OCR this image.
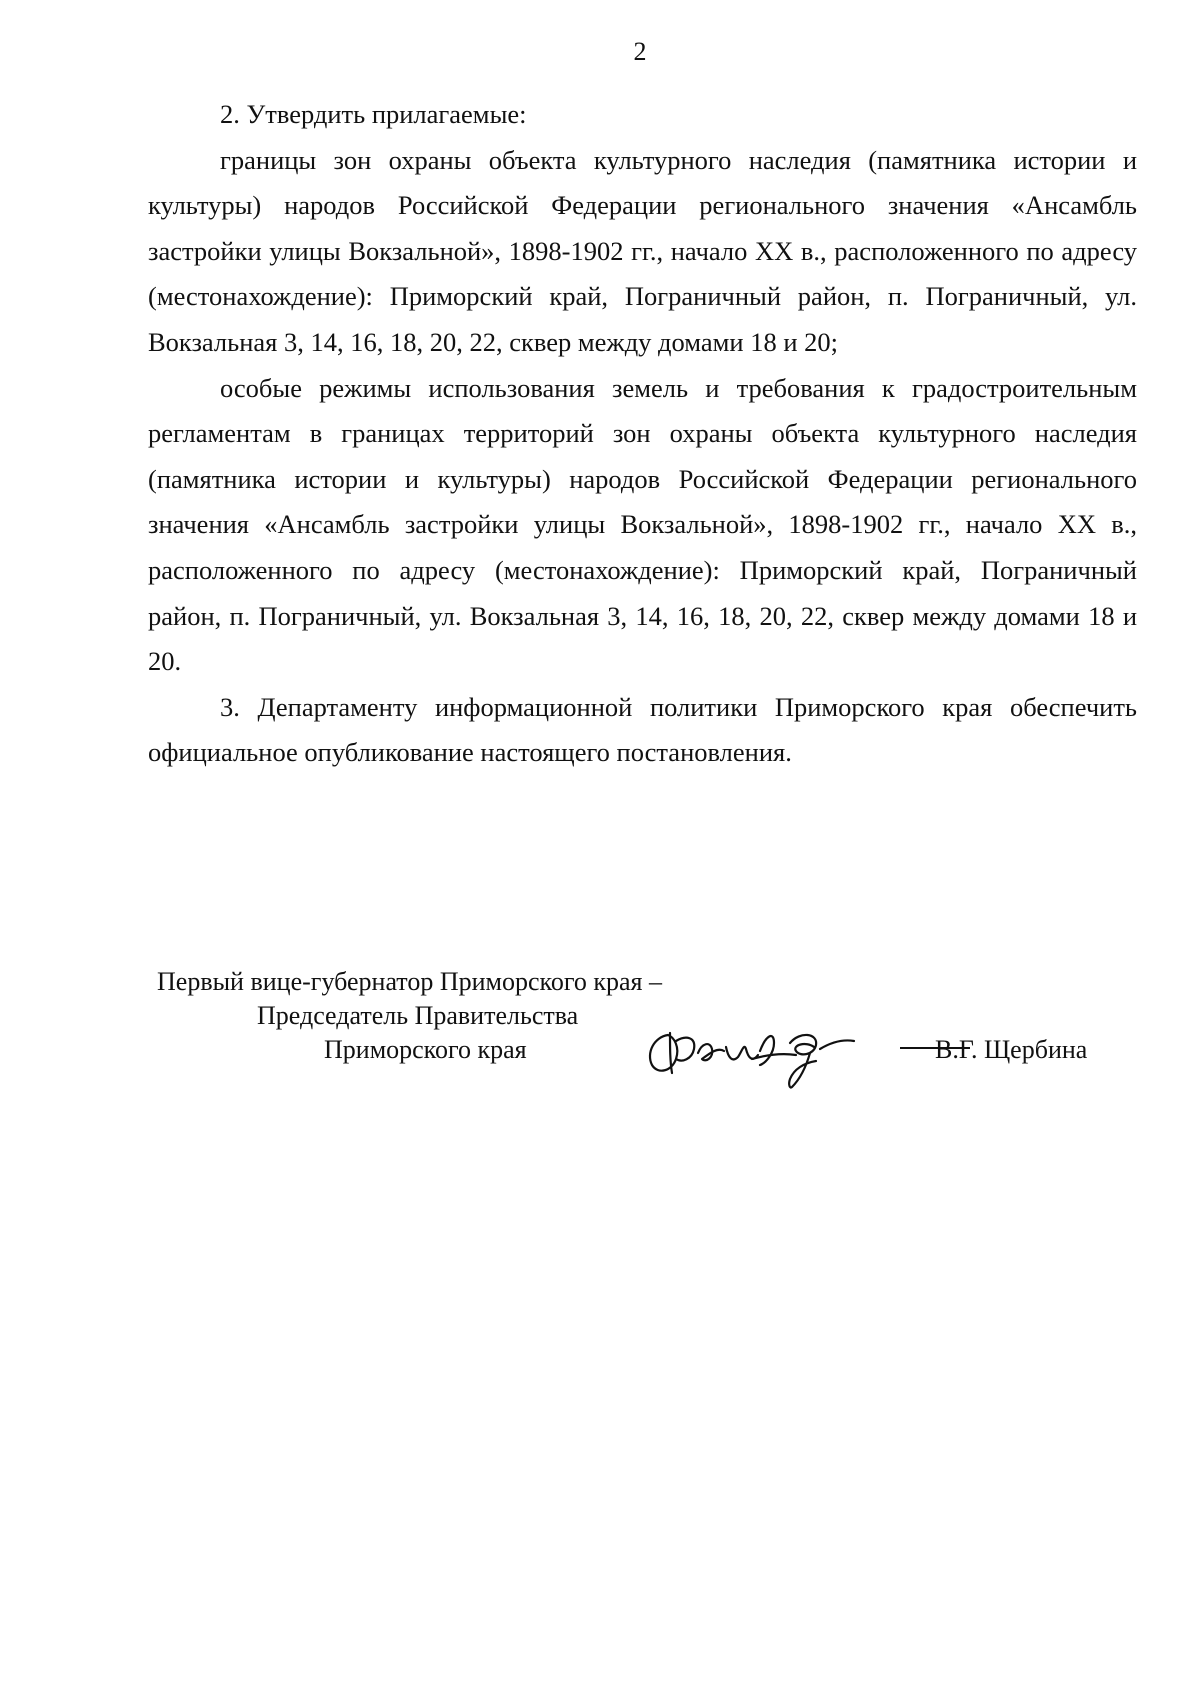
2

2. Утвердить прилагаемые:

границы зон охраны объекта культурного наследия (памятника истории и культуры) народов Российской Федерации регионального значения «Ансамбль застройки улицы Вокзальной», 1898-1902 гг., начало XX в., расположенного по адресу (местонахождение): Приморский край, Пограничный район, п. Пограничный, ул. Вокзальная 3, 14, 16, 18, 20, 22, сквер между домами 18 и 20;

особые режимы использования земель и требования к градостроительным регламентам в границах территорий зон охраны объекта культурного наследия (памятника истории и культуры) народов Российской Федерации регионального значения «Ансамбль застройки улицы Вокзальной», 1898-1902 гг., начало XX в., расположенного по адресу (местонахождение): Приморский край, Пограничный район, п. Пограничный, ул. Вокзальная 3, 14, 16, 18, 20, 22, сквер между домами 18 и 20.

3. Департаменту информационной политики Приморского края обеспечить официальное опубликование настоящего постановления.

Первый вице-губернатор Приморского края –
Председатель Правительства
Приморского края	В.Г. Щербина
